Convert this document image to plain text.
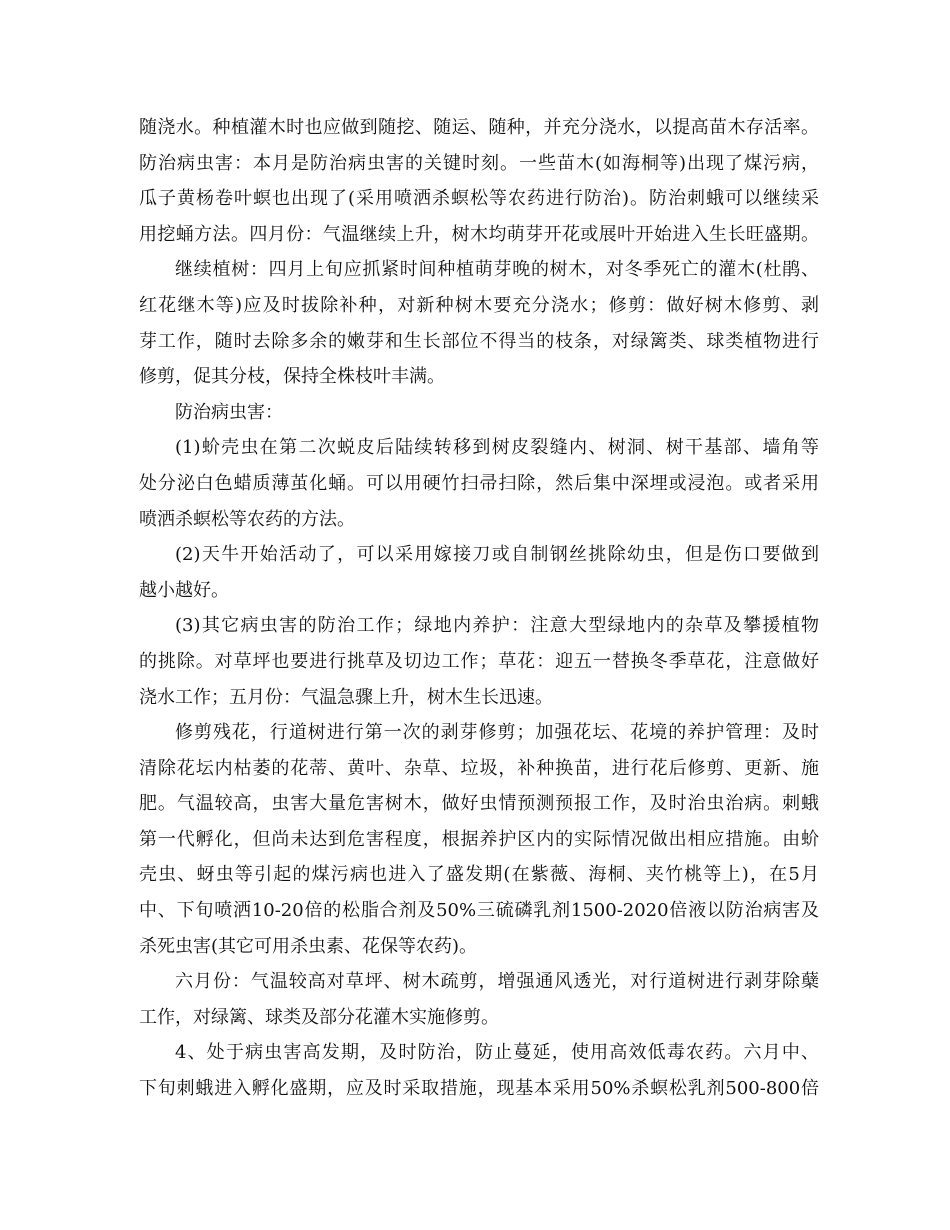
随浇水。种植灌木时也应做到随挖、随运、随种，并充分浇水，以提高苗木存活率。
防治病虫害：本月是防治病虫害的关键时刻。一些苗木(如海桐等)出现了煤污病，
瓜子黄杨卷叶螟也出现了(采用喷洒杀螟松等农药进行防治)。防治刺蛾可以继续采
用挖蛹方法。四月份：气温继续上升，树木均萌芽开花或展叶开始进入生长旺盛期。
继续植树：四月上旬应抓紧时间种植萌芽晚的树木，对冬季死亡的灌木(杜鹃、
红花继木等)应及时拔除补种，对新种树木要充分浇水；修剪：做好树木修剪、剥
芽工作，随时去除多余的嫩芽和生长部位不得当的枝条，对绿篱类、球类植物进行
修剪，促其分枝，保持全株枝叶丰满。
防治病虫害：
(1)蚧壳虫在第二次蜕皮后陆续转移到树皮裂缝内、树洞、树干基部、墙角等
处分泌白色蜡质薄茧化蛹。可以用硬竹扫帚扫除，然后集中深埋或浸泡。或者采用
喷洒杀螟松等农药的方法。
(2)天牛开始活动了，可以采用嫁接刀或自制钢丝挑除幼虫，但是伤口要做到
越小越好。
(3)其它病虫害的防治工作；绿地内养护：注意大型绿地内的杂草及攀援植物
的挑除。对草坪也要进行挑草及切边工作；草花：迎五一替换冬季草花，注意做好
浇水工作；五月份：气温急骤上升，树木生长迅速。
修剪残花，行道树进行第一次的剥芽修剪；加强花坛、花境的养护管理：及时
清除花坛内枯萎的花蒂、黄叶、杂草、垃圾，补种换苗，进行花后修剪、更新、施
肥。气温较高，虫害大量危害树木，做好虫情预测预报工作，及时治虫治病。刺蛾
第一代孵化，但尚未达到危害程度，根据养护区内的实际情况做出相应措施。由蚧
壳虫、蚜虫等引起的煤污病也进入了盛发期(在紫薇、海桐、夹竹桃等上)，在5月
中、下旬喷洒10-20倍的松脂合剂及50%三硫磷乳剂1500-2020倍液以防治病害及
杀死虫害(其它可用杀虫素、花保等农药)。
六月份：气温较高对草坪、树木疏剪，增强通风透光，对行道树进行剥芽除蘖
工作，对绿篱、球类及部分花灌木实施修剪。
4、处于病虫害高发期，及时防治，防止蔓延，使用高效低毒农药。六月中、
下旬刺蛾进入孵化盛期，应及时采取措施，现基本采用50%杀螟松乳剂500-800倍
